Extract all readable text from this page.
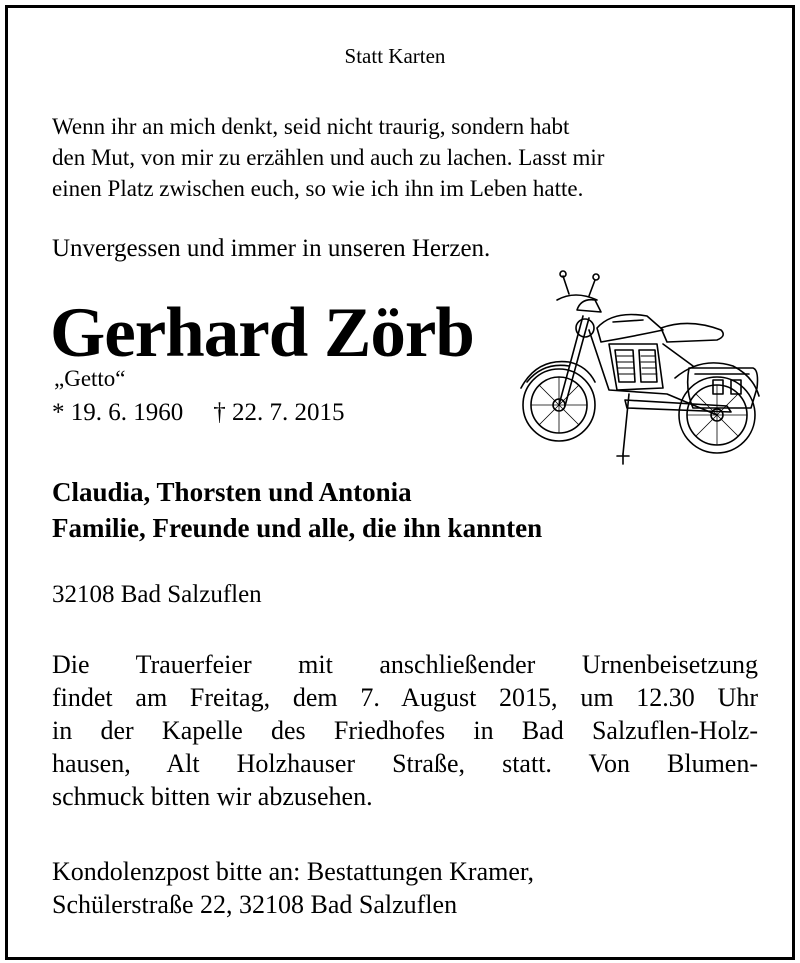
Statt Karten
Wenn ihr an mich denkt, seid nicht traurig, sondern habt
den Mut, von mir zu erzählen und auch zu lachen. Lasst mir
einen Platz zwischen euch, so wie ich ihn im Leben hatte.
Unvergessen und immer in unseren Herzen.
Gerhard Zörb
„Getto“
* 19. 6. 1960 † 22. 7. 2015
Claudia, Thorsten und Antonia
Familie, Freunde und alle, die ihn kannten
32108 Bad Salzuflen
Die Trauerfeier mit anschließender Urnenbeisetzung
findet am Freitag, dem 7. August 2015, um 12.30 Uhr
in der Kapelle des Friedhofes in Bad Salzuflen-Holz-
hausen, Alt Holzhauser Straße, statt. Von Blumen-
schmuck bitten wir abzusehen.
Kondolenzpost bitte an: Bestattungen Kramer,
Schülerstraße 22, 32108 Bad Salzuflen
